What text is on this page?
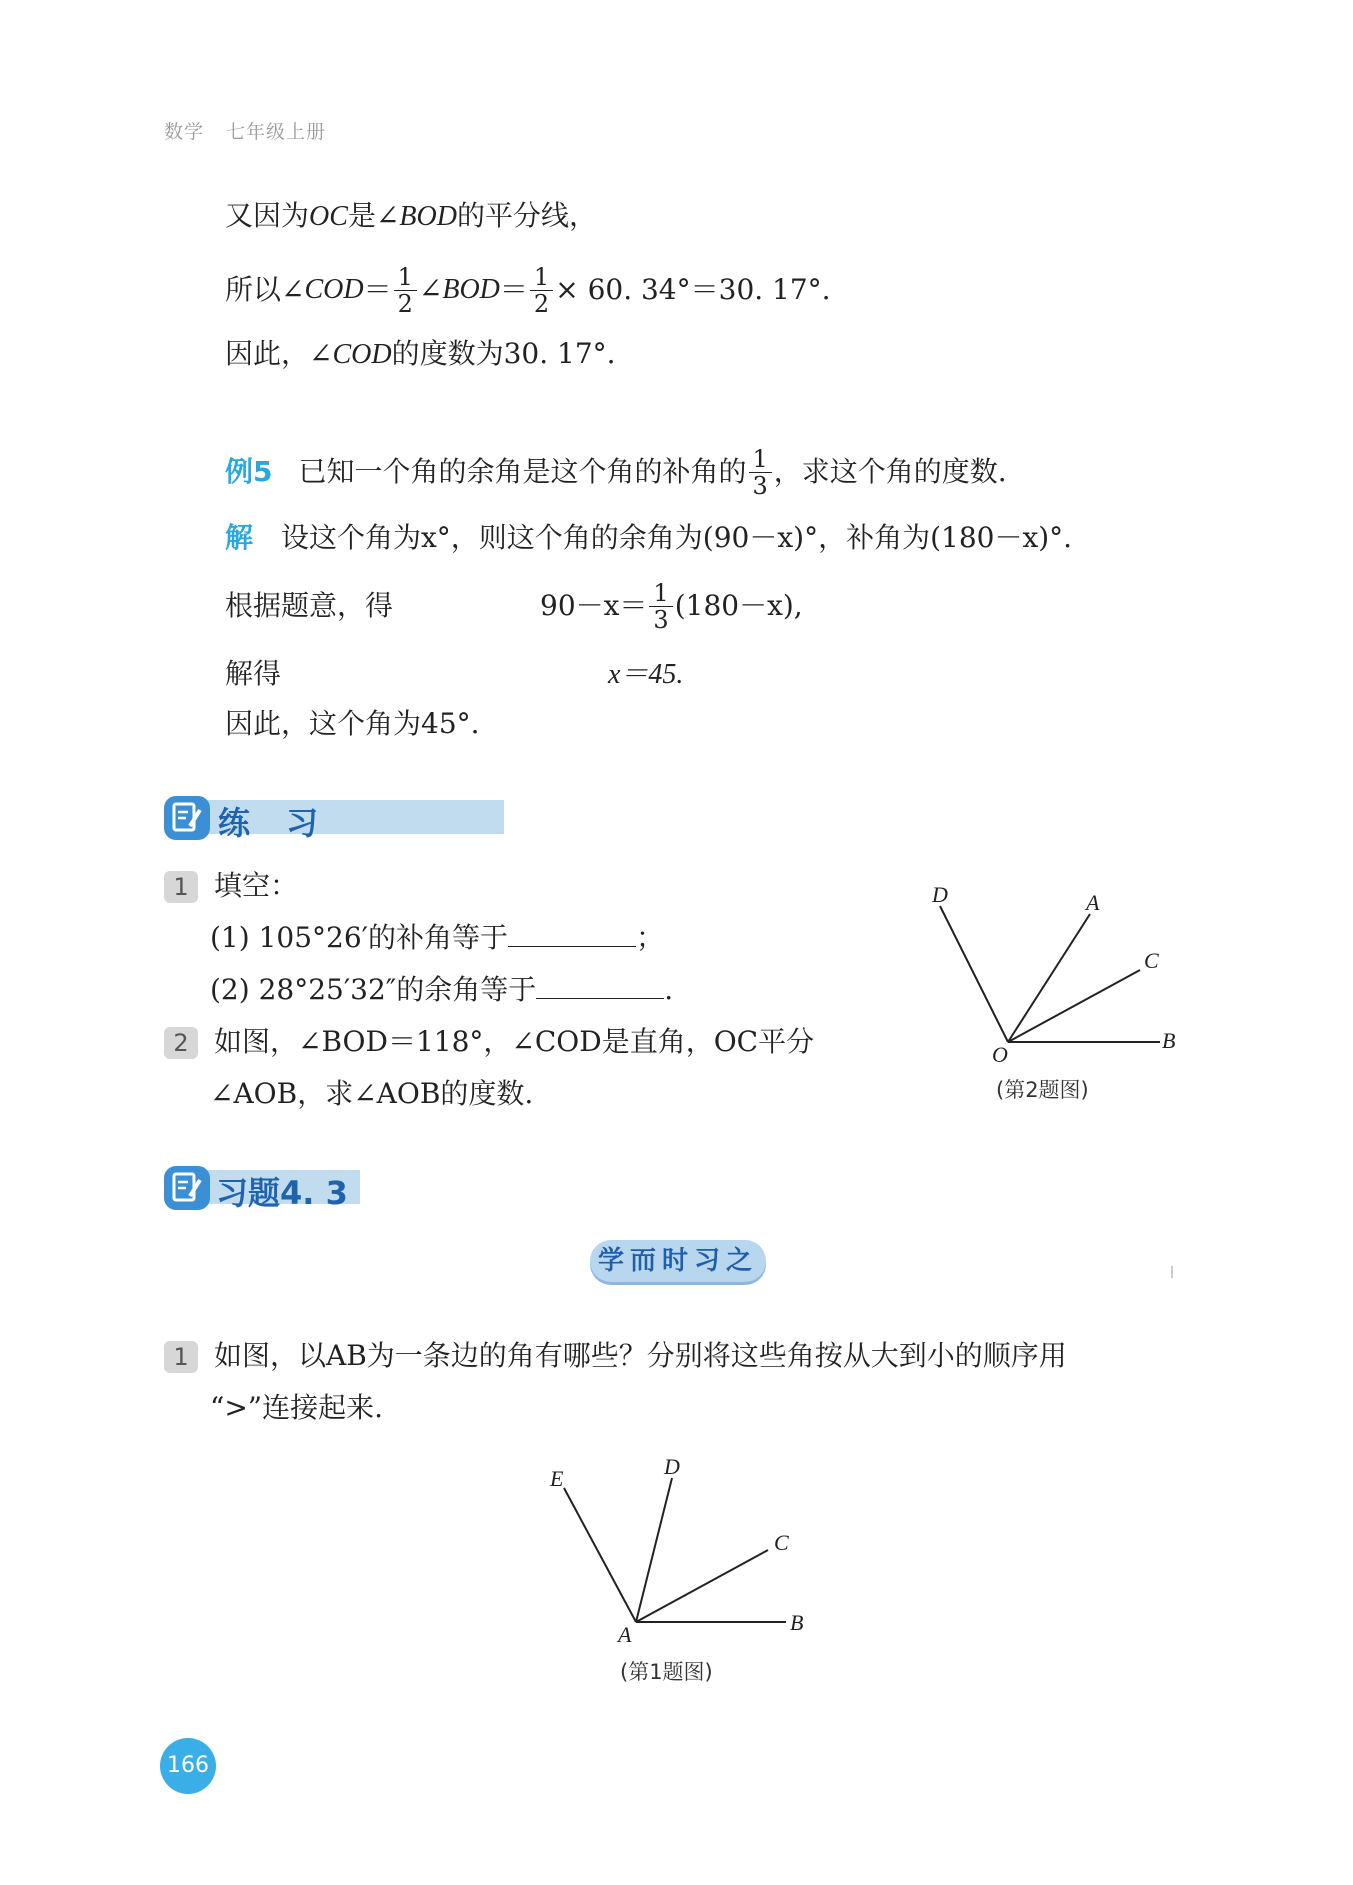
数学 七年级上册
又因为OC是∠BOD的平分线，
所以∠ COD ＝ $\frac{1}{2}$ ∠BOD ＝ $\frac{1}{2} \times 60$. 34°＝30. 17°.
因此，∠COD的度数为30. 17°.
例5 已知一个角的余角是这个角的补角的 $\frac{1}{3}$ ，求这个角的度数.
解 设这个角为x°，则这个角的余角为(90－x)°，补角为(180－x)°.
根据题意，得	$90-x= \frac{1}{3} (180-x)$,
解得	x＝45.
因此，这个角为45°.
练　习
1 填空：
(1) 105°26′的补角等于	；
(2) 28°25′32″的余角等于	.
2 如图，∠BOD＝118°，∠COD是直角，OC平分
∠AOB，求∠AOB的度数.
D	A
C
B
O
(第2题图)
习题4. 3
学而时习之
1 如图，以AB为一条边的角有哪些？分别将这些角按从大到小的顺序用
“>”连接起来.
E	D
C
B
A
(第1题图)
166
